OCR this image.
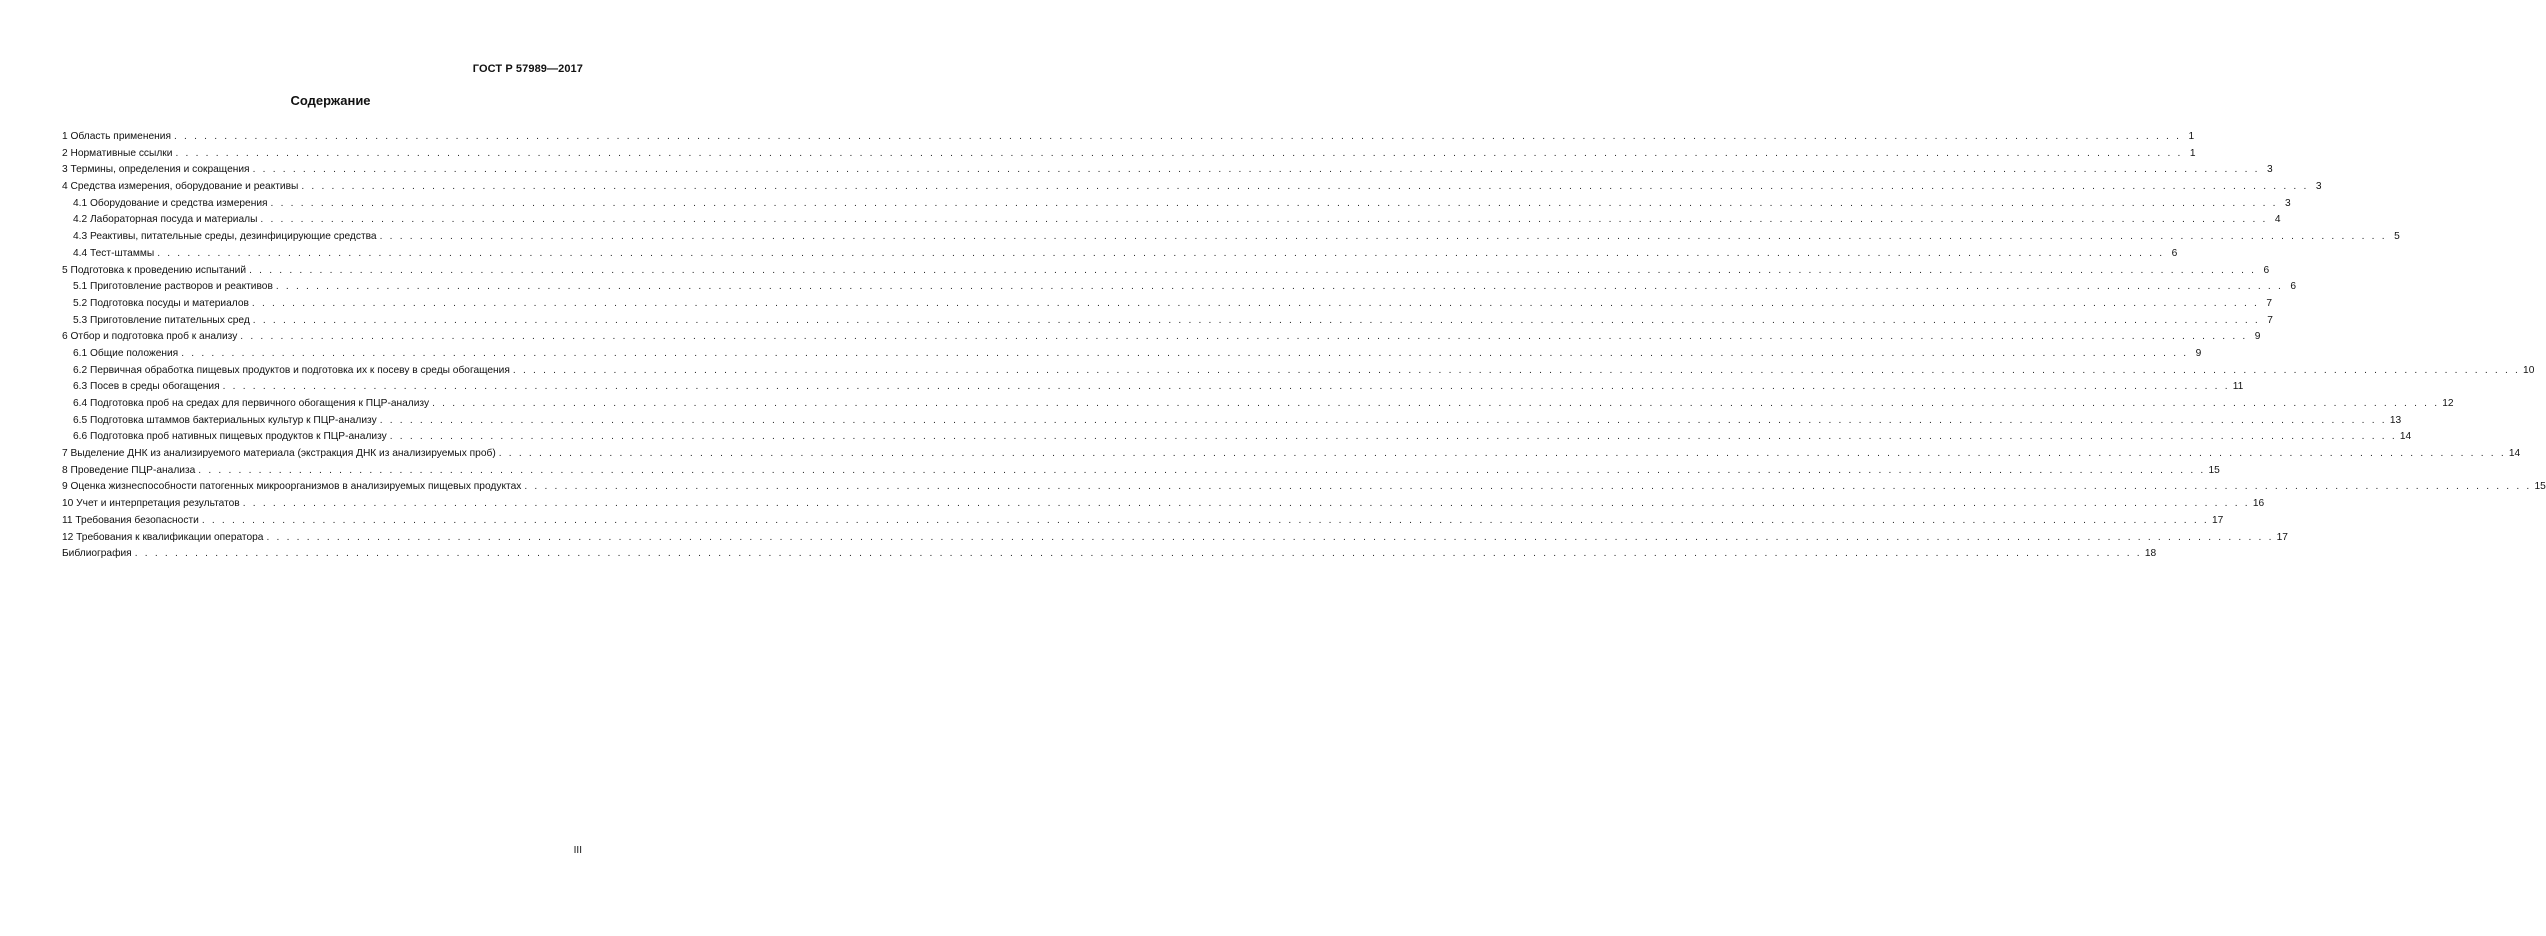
ГОСТ Р 57989—2017
Содержание
1 Область применения . . . . . . . . . . . . . . . . . . . . . . . . . . . . . . . . . . . . . . . . . . . . . . . . . . . . . . . . . . . . . . . . . . . . . . . . . . . . . . . . . . . . . . . . . . . . . . . . . . . . . . . . . . . . . . . . . . . . . . . . . . . . . . . . . . . . . . . . . . . . . . . . . . . . . . . . . . . . . . . . . . . . . . . . . . . . . . . . . . . . . . . . . . . . . . . . . . . . . . . . 1
2 Нормативные ссылки . . . . . . . . . . . . . . . . . . . . . . . . . . . . . . . . . . . . . . . . . . . . . . . . . . . . . . . . . . . . . . . . . . . . . . . . . . . . . . . . . . . . . . . . . . . . . . . . . . . . . . . . . . . . . . . . . . . . . . . . . . . . . . . . . . . . . . . . . . . . . . . . . . . . . . . . . . . . . . . . . . . . . . . . . . . . . . . . . . . . . . . . . . . . . . . . . . . . . . . . 1
3 Термины, определения и сокращения . . . . . . . . . . . . . . . . . . . . . . . . . . . . . . . . . . . . . . . . . . . . . . . . . . . . . . . . . . . . . . . . . . . . . . . . . . . . . . . . . . . . . . . . . . . . . . . . . . . . . . . . . . . . . . . . . . . . . . . . . . . . . . . . . . . . . . . . . . . . . . . . . . . . . . . . . . . . . . . . . . . . . . . . . . . . . . . . . . . . . . . . . . . . . . . . . . . . . . . . 3
4 Средства измерения, оборудование и реактивы . . . . . . . . . . . . . . . . . . . . . . . . . . . . . . . . . . . . . . . . . . . . . . . . . . . . . . . . . . . . . . . . . . . . . . . . . . . . . . . . . . . . . . . . . . . . . . . . . . . . . . . . . . . . . . . . . . . . . . . . . . . . . . . . . . . . . . . . . . . . . . . . . . . . . . . . . . . . . . . . . . . . . . . . . . . . . . . . . . . . . . . . . . . . . . . . . . . . . . . . 3
4.1 Оборудование и средства измерения . . . . . . . . . . . . . . . . . . . . . . . . . . . . . . . . . . . . . . . . . . . . . . . . . . . . . . . . . . . . . . . . . . . . . . . . . . . . . . . . . . . . . . . . . . . . . . . . . . . . . . . . . . . . . . . . . . . . . . . . . . . . . . . . . . . . . . . . . . . . . . . . . . . . . . . . . . . . . . . . . . . . . . . . . . . . . . . . . . . . . . . . . . . . . . . . . . . . . . . . 3
4.2 Лабораторная посуда и материалы . . . . . . . . . . . . . . . . . . . . . . . . . . . . . . . . . . . . . . . . . . . . . . . . . . . . . . . . . . . . . . . . . . . . . . . . . . . . . . . . . . . . . . . . . . . . . . . . . . . . . . . . . . . . . . . . . . . . . . . . . . . . . . . . . . . . . . . . . . . . . . . . . . . . . . . . . . . . . . . . . . . . . . . . . . . . . . . . . . . . . . . . . . . . . . . . . . . . . . . . 4
4.3 Реактивы, питательные среды, дезинфицирующие средства . . . . . . . . . . . . . . . . . . . . . . . . . . . . . . . . . . . . . . . . . . . . . . . . . . . . . . . . . . . . . . . . . . . . . . . . . . . . . . . . . . . . . . . . . . . . . . . . . . . . . . . . . . . . . . . . . . . . . . . . . . . . . . . . . . . . . . . . . . . . . . . . . . . . . . . . . . . . . . . . . . . . . . . . . . . . . . . . . . . . . . . . . . . . . . . . . . . . . . . . 5
4.4 Тест-штаммы . . . . . . . . . . . . . . . . . . . . . . . . . . . . . . . . . . . . . . . . . . . . . . . . . . . . . . . . . . . . . . . . . . . . . . . . . . . . . . . . . . . . . . . . . . . . . . . . . . . . . . . . . . . . . . . . . . . . . . . . . . . . . . . . . . . . . . . . . . . . . . . . . . . . . . . . . . . . . . . . . . . . . . . . . . . . . . . . . . . . . . . . . . . . . . . . . . . . . . . . 6
5 Подготовка к проведению испытаний . . . . . . . . . . . . . . . . . . . . . . . . . . . . . . . . . . . . . . . . . . . . . . . . . . . . . . . . . . . . . . . . . . . . . . . . . . . . . . . . . . . . . . . . . . . . . . . . . . . . . . . . . . . . . . . . . . . . . . . . . . . . . . . . . . . . . . . . . . . . . . . . . . . . . . . . . . . . . . . . . . . . . . . . . . . . . . . . . . . . . . . . . . . . . . . . . . . . . . . . 6
5.1 Приготовление растворов и реактивов . . . . . . . . . . . . . . . . . . . . . . . . . . . . . . . . . . . . . . . . . . . . . . . . . . . . . . . . . . . . . . . . . . . . . . . . . . . . . . . . . . . . . . . . . . . . . . . . . . . . . . . . . . . . . . . . . . . . . . . . . . . . . . . . . . . . . . . . . . . . . . . . . . . . . . . . . . . . . . . . . . . . . . . . . . . . . . . . . . . . . . . . . . . . . . . . . . . . . . . . 6
5.2 Подготовка посуды и материалов . . . . . . . . . . . . . . . . . . . . . . . . . . . . . . . . . . . . . . . . . . . . . . . . . . . . . . . . . . . . . . . . . . . . . . . . . . . . . . . . . . . . . . . . . . . . . . . . . . . . . . . . . . . . . . . . . . . . . . . . . . . . . . . . . . . . . . . . . . . . . . . . . . . . . . . . . . . . . . . . . . . . . . . . . . . . . . . . . . . . . . . . . . . . . . . . . . . . . . . . 7
5.3 Приготовление питательных сред . . . . . . . . . . . . . . . . . . . . . . . . . . . . . . . . . . . . . . . . . . . . . . . . . . . . . . . . . . . . . . . . . . . . . . . . . . . . . . . . . . . . . . . . . . . . . . . . . . . . . . . . . . . . . . . . . . . . . . . . . . . . . . . . . . . . . . . . . . . . . . . . . . . . . . . . . . . . . . . . . . . . . . . . . . . . . . . . . . . . . . . . . . . . . . . . . . . . . . . . 7
6 Отбор и подготовка проб к анализу . . . . . . . . . . . . . . . . . . . . . . . . . . . . . . . . . . . . . . . . . . . . . . . . . . . . . . . . . . . . . . . . . . . . . . . . . . . . . . . . . . . . . . . . . . . . . . . . . . . . . . . . . . . . . . . . . . . . . . . . . . . . . . . . . . . . . . . . . . . . . . . . . . . . . . . . . . . . . . . . . . . . . . . . . . . . . . . . . . . . . . . . . . . . . . . . . . . . . . . . 9
6.1 Общие положения . . . . . . . . . . . . . . . . . . . . . . . . . . . . . . . . . . . . . . . . . . . . . . . . . . . . . . . . . . . . . . . . . . . . . . . . . . . . . . . . . . . . . . . . . . . . . . . . . . . . . . . . . . . . . . . . . . . . . . . . . . . . . . . . . . . . . . . . . . . . . . . . . . . . . . . . . . . . . . . . . . . . . . . . . . . . . . . . . . . . . . . . . . . . . . . . . . . . . . . . 9
6.2 Первичная обработка пищевых продуктов и подготовка их к посеву в среды обогащения . . . . . . . . . . . . . . . . . . . . . . . . . . . . . . . . . . . . . . . . . . . . . . . . . . . . . . . . . . . . . . . . . . . . . . . . . . . . . . . . . . . . . . . . . . . . . . . . . . . . . . . . . . . . . . . . . . . . . . . . . . . . . . . . . . . . . . . . . . . . . . . . . . . . . . . . . . . . . . . . . . . . . . . . . . . . . . . . . . . . . . . . . . . . . . . . . . . . . . . . 10
6.3 Посев в среды обогащения . . . . . . . . . . . . . . . . . . . . . . . . . . . . . . . . . . . . . . . . . . . . . . . . . . . . . . . . . . . . . . . . . . . . . . . . . . . . . . . . . . . . . . . . . . . . . . . . . . . . . . . . . . . . . . . . . . . . . . . . . . . . . . . . . . . . . . . . . . . . . . . . . . . . . . . . . . . . . . . . . . . . . . . . . . . . . . . . . . . . . . . . . . . . . . . . . . . . . . . . 11
6.4 Подготовка проб на средах для первичного обогащения к ПЦР-анализу . . . . . . . . . . . . . . . . . . . . . . . . . . . . . . . . . . . . . . . . . . . . . . . . . . . . . . . . . . . . . . . . . . . . . . . . . . . . . . . . . . . . . . . . . . . . . . . . . . . . . . . . . . . . . . . . . . . . . . . . . . . . . . . . . . . . . . . . . . . . . . . . . . . . . . . . . . . . . . . . . . . . . . . . . . . . . . . . . . . . . . . . . . . . . . . . . . . . . . . . 12
6.5 Подготовка штаммов бактериальных культур к ПЦР-анализу . . . . . . . . . . . . . . . . . . . . . . . . . . . . . . . . . . . . . . . . . . . . . . . . . . . . . . . . . . . . . . . . . . . . . . . . . . . . . . . . . . . . . . . . . . . . . . . . . . . . . . . . . . . . . . . . . . . . . . . . . . . . . . . . . . . . . . . . . . . . . . . . . . . . . . . . . . . . . . . . . . . . . . . . . . . . . . . . . . . . . . . . . . . . . . . . . . . . . . . . 13
6.6 Подготовка проб нативных пищевых продуктов к ПЦР-анализу . . . . . . . . . . . . . . . . . . . . . . . . . . . . . . . . . . . . . . . . . . . . . . . . . . . . . . . . . . . . . . . . . . . . . . . . . . . . . . . . . . . . . . . . . . . . . . . . . . . . . . . . . . . . . . . . . . . . . . . . . . . . . . . . . . . . . . . . . . . . . . . . . . . . . . . . . . . . . . . . . . . . . . . . . . . . . . . . . . . . . . . . . . . . . . . . . . . . . . . . 14
7 Выделение ДНК из анализируемого материала (экстракция ДНК из анализируемых проб) . . . . . . . . . . . . . . . . . . . . . . . . . . . . . . . . . . . . . . . . . . . . . . . . . . . . . . . . . . . . . . . . . . . . . . . . . . . . . . . . . . . . . . . . . . . . . . . . . . . . . . . . . . . . . . . . . . . . . . . . . . . . . . . . . . . . . . . . . . . . . . . . . . . . . . . . . . . . . . . . . . . . . . . . . . . . . . . . . . . . . . . . . . . . . . . . . . . . . . . . 14
8 Проведение ПЦР-анализа . . . . . . . . . . . . . . . . . . . . . . . . . . . . . . . . . . . . . . . . . . . . . . . . . . . . . . . . . . . . . . . . . . . . . . . . . . . . . . . . . . . . . . . . . . . . . . . . . . . . . . . . . . . . . . . . . . . . . . . . . . . . . . . . . . . . . . . . . . . . . . . . . . . . . . . . . . . . . . . . . . . . . . . . . . . . . . . . . . . . . . . . . . . . . . . . . . . . . . . . 15
9 Оценка жизнеспособности патогенных микроорганизмов в анализируемых пищевых продуктах . . . . . . . . . . . . . . . . . . . . . . . . . . . . . . . . . . . . . . . . . . . . . . . . . . . . . . . . . . . . . . . . . . . . . . . . . . . . . . . . . . . . . . . . . . . . . . . . . . . . . . . . . . . . . . . . . . . . . . . . . . . . . . . . . . . . . . . . . . . . . . . . . . . . . . . . . . . . . . . . . . . . . . . . . . . . . . . . . . . . . . . . . . . . . . . . . . . . . . . . 15
10 Учет и интерпретация результатов . . . . . . . . . . . . . . . . . . . . . . . . . . . . . . . . . . . . . . . . . . . . . . . . . . . . . . . . . . . . . . . . . . . . . . . . . . . . . . . . . . . . . . . . . . . . . . . . . . . . . . . . . . . . . . . . . . . . . . . . . . . . . . . . . . . . . . . . . . . . . . . . . . . . . . . . . . . . . . . . . . . . . . . . . . . . . . . . . . . . . . . . . . . . . . . . . . . . . . . . 16
11 Требования безопасности . . . . . . . . . . . . . . . . . . . . . . . . . . . . . . . . . . . . . . . . . . . . . . . . . . . . . . . . . . . . . . . . . . . . . . . . . . . . . . . . . . . . . . . . . . . . . . . . . . . . . . . . . . . . . . . . . . . . . . . . . . . . . . . . . . . . . . . . . . . . . . . . . . . . . . . . . . . . . . . . . . . . . . . . . . . . . . . . . . . . . . . . . . . . . . . . . . . . . . . . 17
12 Требования к квалификации оператора . . . . . . . . . . . . . . . . . . . . . . . . . . . . . . . . . . . . . . . . . . . . . . . . . . . . . . . . . . . . . . . . . . . . . . . . . . . . . . . . . . . . . . . . . . . . . . . . . . . . . . . . . . . . . . . . . . . . . . . . . . . . . . . . . . . . . . . . . . . . . . . . . . . . . . . . . . . . . . . . . . . . . . . . . . . . . . . . . . . . . . . . . . . . . . . . . . . . . . . . 17
Библиография . . . . . . . . . . . . . . . . . . . . . . . . . . . . . . . . . . . . . . . . . . . . . . . . . . . . . . . . . . . . . . . . . . . . . . . . . . . . . . . . . . . . . . . . . . . . . . . . . . . . . . . . . . . . . . . . . . . . . . . . . . . . . . . . . . . . . . . . . . . . . . . . . . . . . . . . . . . . . . . . . . . . . . . . . . . . . . . . . . . . . . . . . . . . . . . . . . . . . . . . 18
III
